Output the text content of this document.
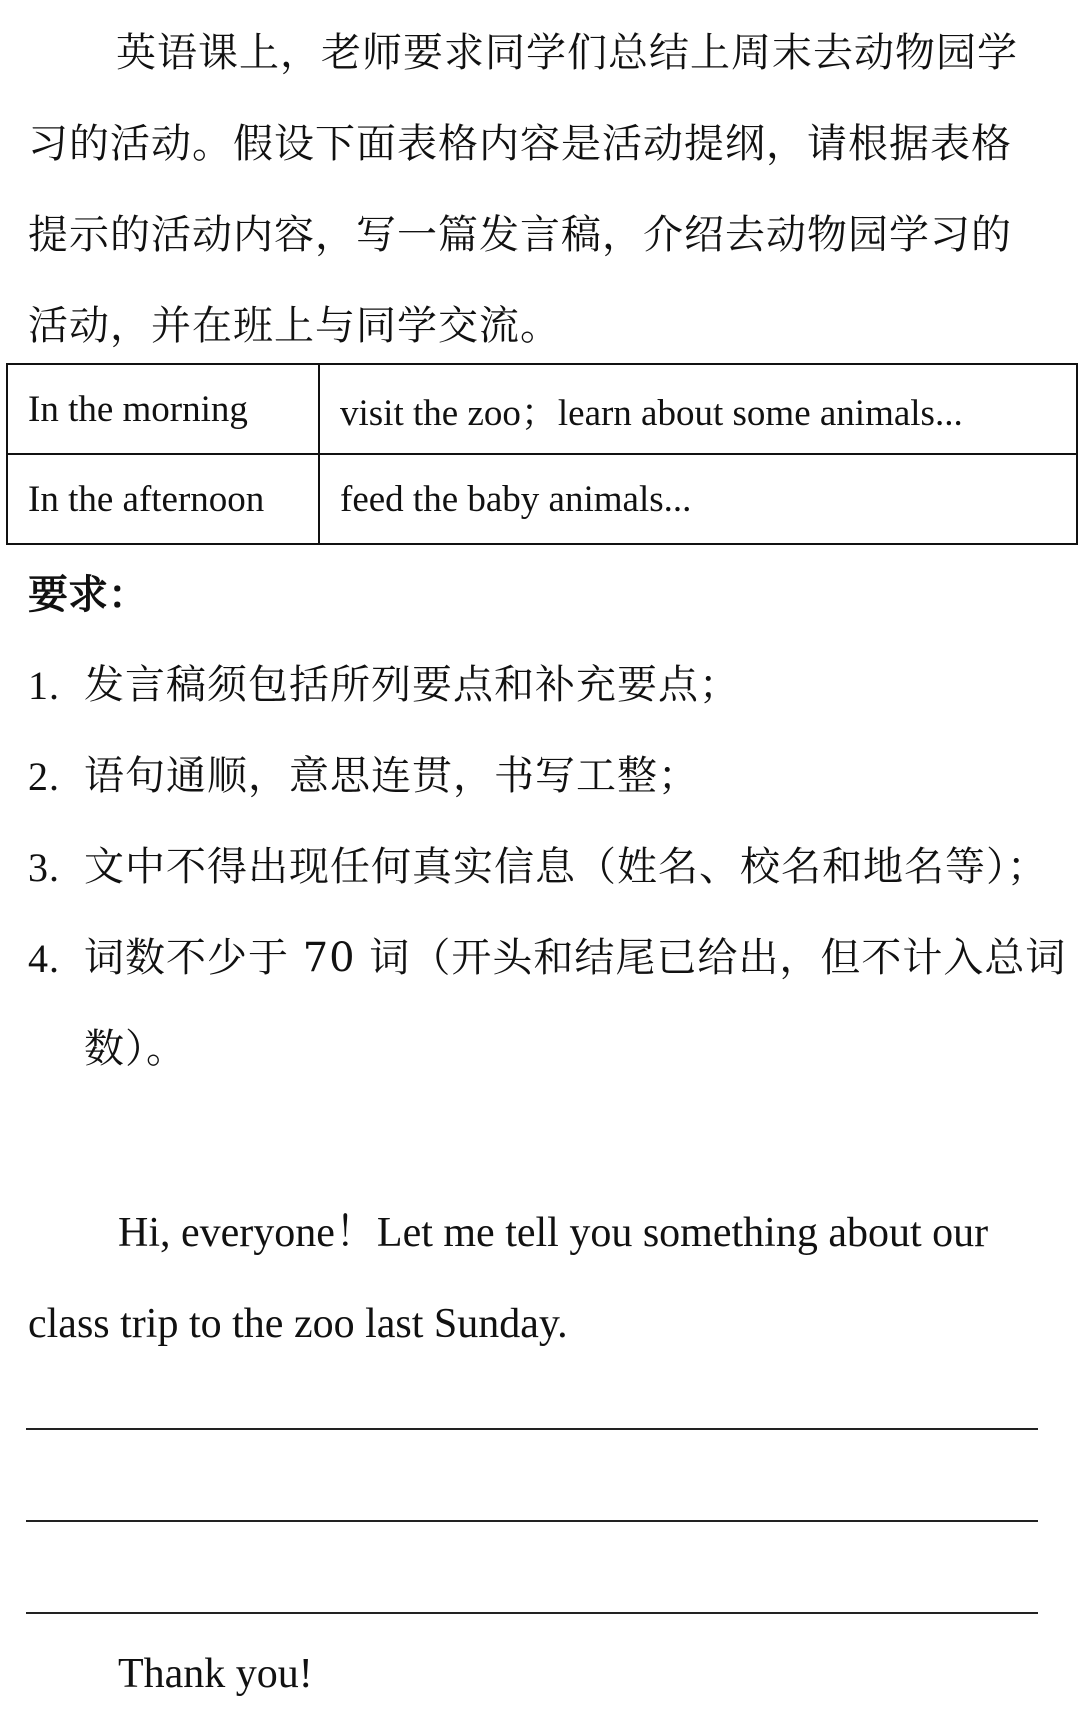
英语课上，老师要求同学们总结上周末去动物园学习的活动。假设下面表格内容是活动提纲，请根据表格提示的活动内容，写一篇发言稿，介绍去动物园学习的活动，并在班上与同学交流。

In the morning	visit the zoo；learn about some animals...
In the afternoon	feed the baby animals...

要求：

1. 发言稿须包括所列要点和补充要点；
2. 语句通顺，意思连贯，书写工整；
3. 文中不得出现任何真实信息（姓名、校名和地名等）；
4. 词数不少于 70 词（开头和结尾已给出，但不计入总词数）。

Hi, everyone！Let me tell you something about our class trip to the zoo last Sunday.

Thank you!
